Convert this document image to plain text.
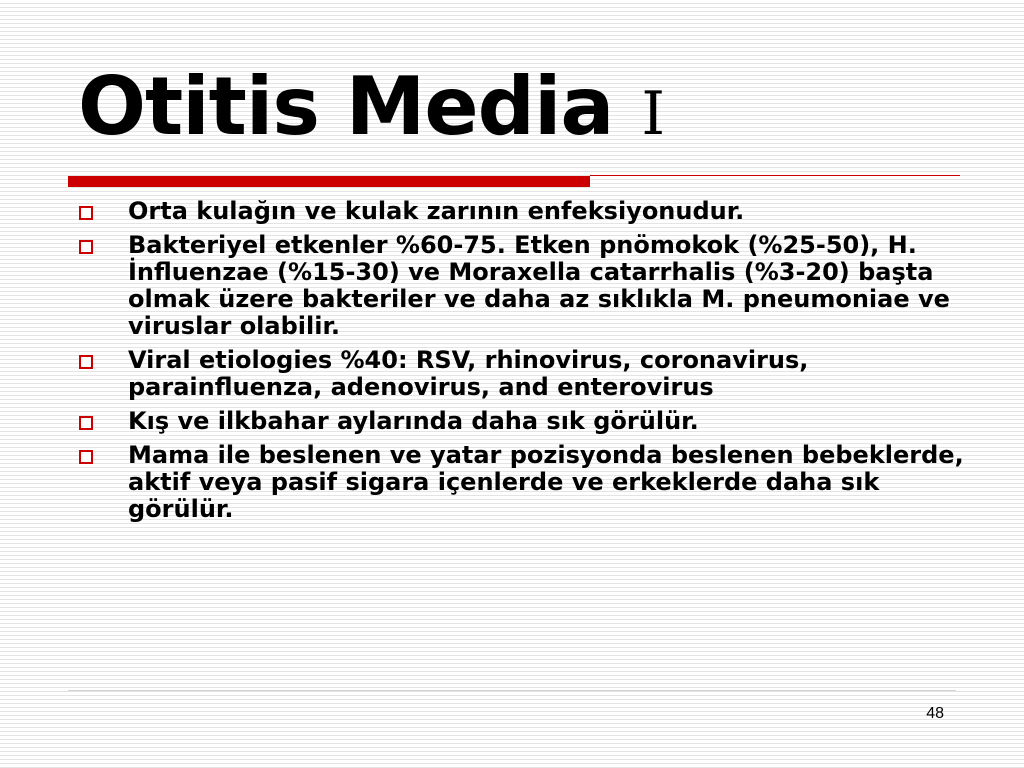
Otitis Media I
Orta kulağın ve kulak zarının enfeksiyonudur.
Bakteriyel etkenler %60-75. Etken pnömokok (%25-50), H. İnfluenzae (%15-30) ve Moraxella catarrhalis (%3-20) başta olmak üzere bakteriler ve daha az sıklıkla M. pneumoniae ve viruslar olabilir.
Viral etiologies %40: RSV, rhinovirus, coronavirus, parainfluenza, adenovirus, and enterovirus
Kış ve ilkbahar aylarında daha sık görülür.
Mama ile beslenen ve yatar pozisyonda beslenen bebeklerde, aktif veya pasif sigara içenlerde ve erkeklerde daha sık görülür.
48
